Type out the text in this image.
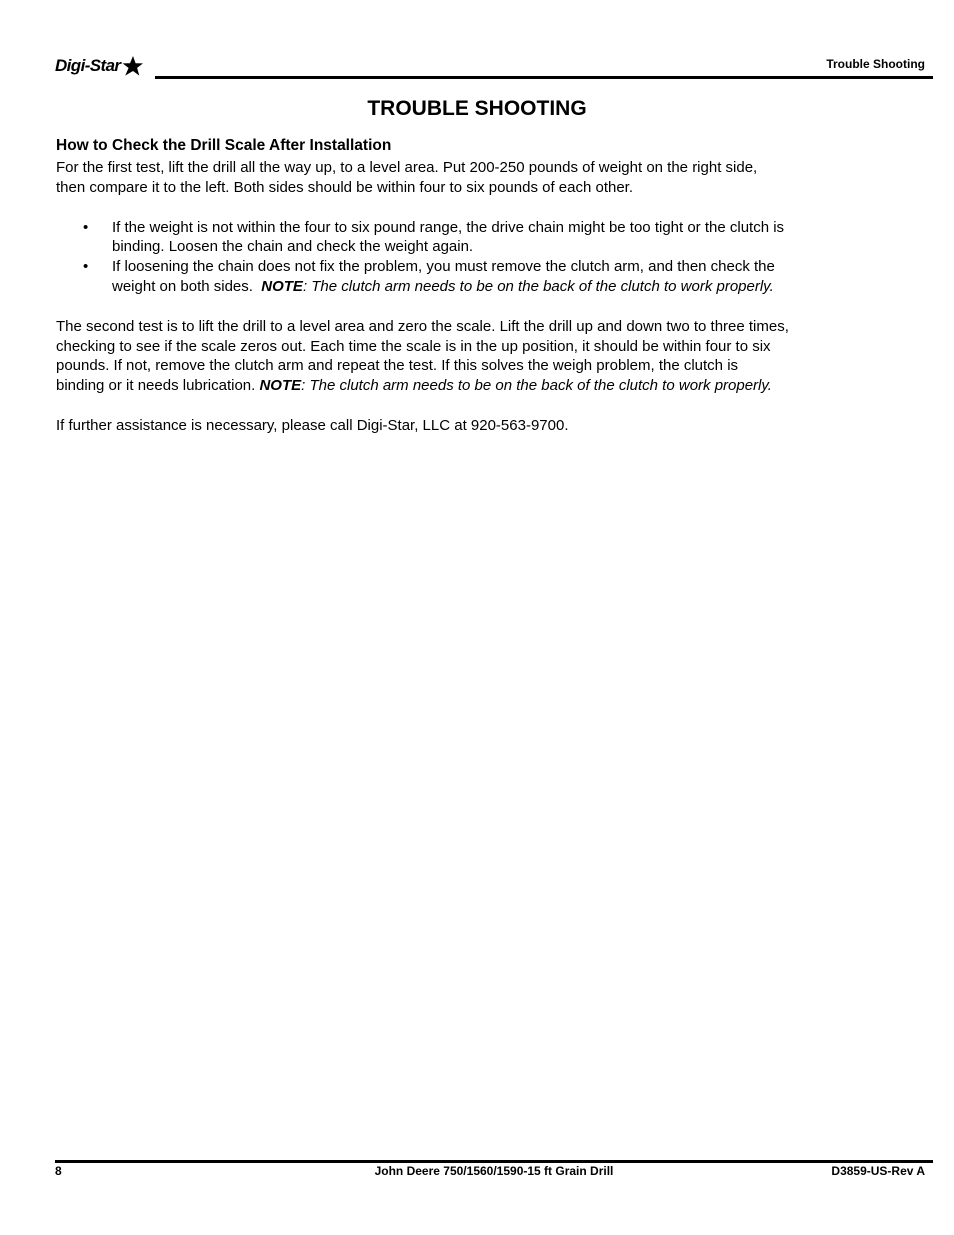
Digi-Star	Trouble Shooting
TROUBLE SHOOTING
How to Check the Drill Scale After Installation

For the first test, lift the drill all the way up, to a level area. Put 200-250 pounds of weight on the right side,
then compare it to the left. Both sides should be within four to six pounds of each other.

• If the weight is not within the four to six pound range, the drive chain might be too tight or the clutch is
binding. Loosen the chain and check the weight again.
• If loosening the chain does not fix the problem, you must remove the clutch arm, and then check the
weight on both sides.  NOTE: The clutch arm needs to be on the back of the clutch to work properly.

The second test is to lift the drill to a level area and zero the scale. Lift the drill up and down two to three times,
checking to see if the scale zeros out. Each time the scale is in the up position, it should be within four to six
pounds. If not, remove the clutch arm and repeat the test. If this solves the weigh problem, the clutch is
binding or it needs lubrication. NOTE: The clutch arm needs to be on the back of the clutch to work properly.

If further assistance is necessary, please call Digi-Star, LLC at 920-563-9700.

8	John Deere 750/1560/1590-15 ft Grain Drill	D3859-US-Rev A
